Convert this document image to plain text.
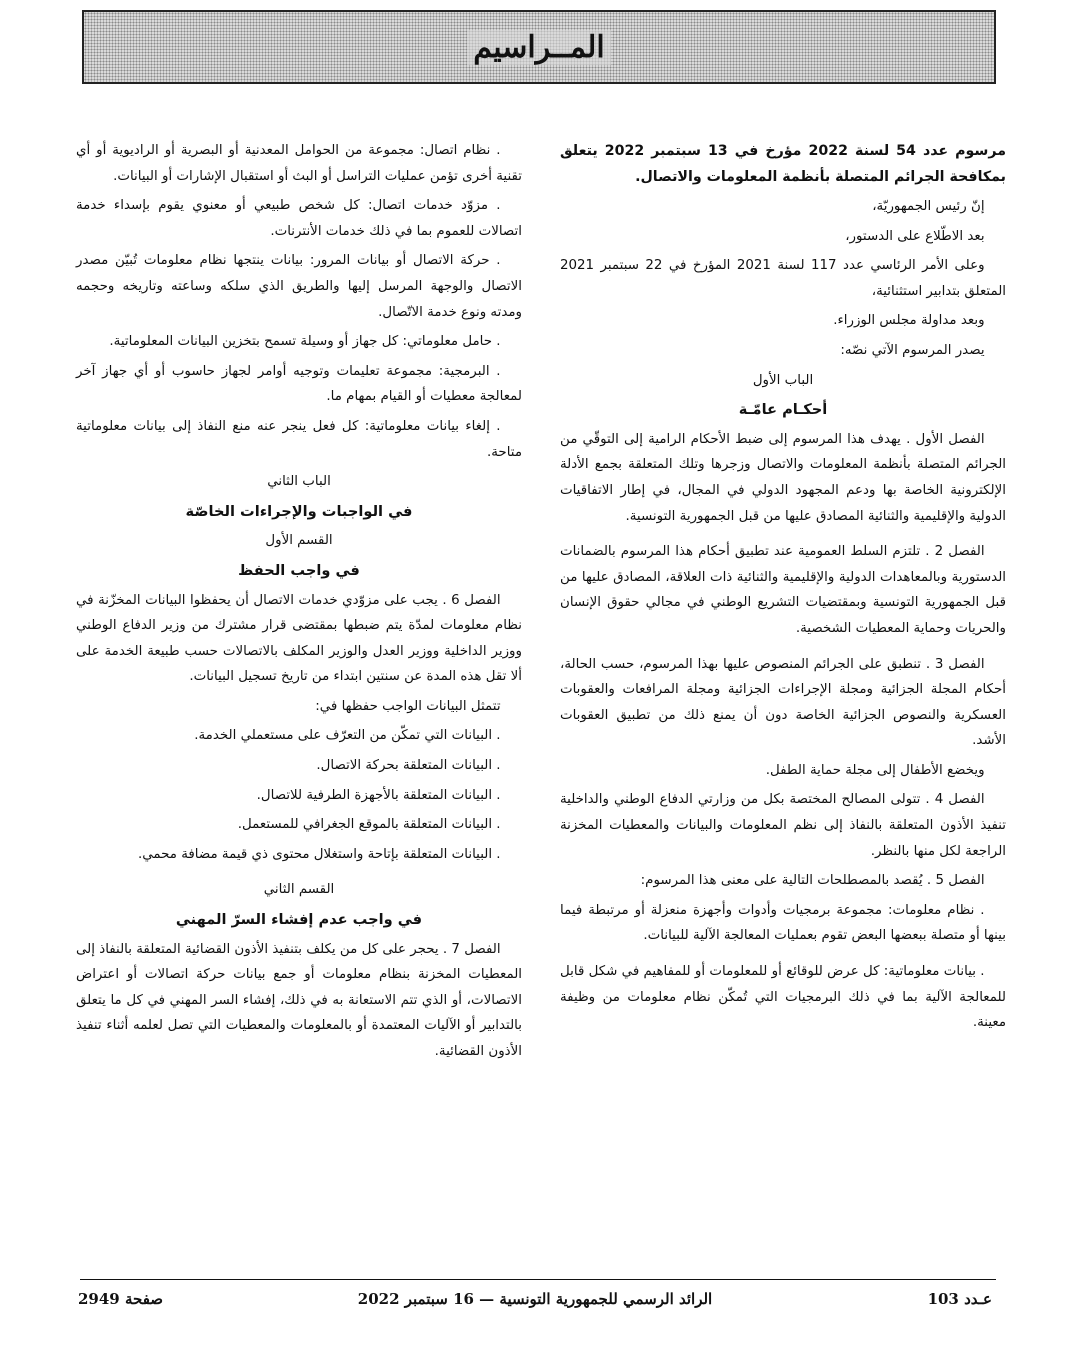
المــراسيم

مرسوم عدد 54 لسنة 2022 مؤرخ في 13 سبتمبر 2022 يتعلق بمكافحة الجرائم المتصلة بأنظمة المعلومات والاتصال.

إنّ رئيس الجمهوريّة،

بعد الاطّلاع على الدستور،

وعلى الأمر الرئاسي عدد 117 لسنة 2021 المؤرخ في 22 سبتمبر 2021 المتعلق بتدابير استثنائية،

وبعد مداولة مجلس الوزراء.

يصدر المرسوم الآتي نصّه:

الباب الأول

أحكـام عامّـة

الفصل الأول . يهدف هذا المرسوم إلى ضبط الأحكام الرامية إلى التوقّي من الجرائم المتصلة بأنظمة المعلومات والاتصال وزجرها وتلك المتعلقة بجمع الأدلة الإلكترونية الخاصة بها ودعم المجهود الدولي في المجال، في إطار الاتفاقيات الدولية والإقليمية والثنائية المصادق عليها من قبل الجمهورية التونسية.

الفصل 2 . تلتزم السلط العمومية عند تطبيق أحكام هذا المرسوم بالضمانات الدستورية وبالمعاهدات الدولية والإقليمية والثنائية ذات العلاقة، المصادق عليها من قبل الجمهورية التونسية وبمقتضيات التشريع الوطني في مجالي حقوق الإنسان والحريات وحماية المعطيات الشخصية.

الفصل 3 . تنطبق على الجرائم المنصوص عليها بهذا المرسوم، حسب الحالة، أحكام المجلة الجزائية ومجلة الإجراءات الجزائية ومجلة المرافعات والعقوبات العسكرية والنصوص الجزائية الخاصة دون أن يمنع ذلك من تطبيق العقوبات الأشد.

ويخضع الأطفال إلى مجلة حماية الطفل.

الفصل 4 . تتولى المصالح المختصة بكل من وزارتي الدفاع الوطني والداخلية تنفيذ الأذون المتعلقة بالنفاذ إلى نظم المعلومات والبيانات والمعطيات المخزنة الراجعة لكل منها بالنظر.

الفصل 5 . يُقصد بالمصطلحات التالية على معنى هذا المرسوم:

. نظام معلومات: مجموعة برمجيات وأدوات وأجهزة منعزلة أو مرتبطة فيما بينها أو متصلة ببعضها البعض تقوم بعمليات المعالجة الآلية للبيانات.

. بيانات معلوماتية: كل عرض للوقائع أو للمعلومات أو للمفاهيم في شكل قابل للمعالجة الآلية بما في ذلك البرمجيات التي تُمكّن نظام معلومات من وظيفة معينة.

. نظام اتصال: مجموعة من الحوامل المعدنية أو البصرية أو الراديوية أو أي تقنية أخرى تؤمن عمليات التراسل أو البث أو استقبال الإشارات أو البيانات.

. مزوّد خدمات اتصال: كل شخص طبيعي أو معنوي يقوم بإسداء خدمة اتصالات للعموم بما في ذلك خدمات الأنترنات.

. حركة الاتصال أو بيانات المرور: بيانات ينتجها نظام معلومات تُبيّن مصدر الاتصال والوجهة المرسل إليها والطريق الذي سلكه وساعته وتاريخه وحجمه ومدته ونوع خدمة الاتّصال.

. حامل معلوماتي: كل جهاز أو وسيلة تسمح بتخزين البيانات المعلوماتية.

. البرمجية: مجموعة تعليمات وتوجيه أوامر لجهاز حاسوب أو أي جهاز آخر لمعالجة معطيات أو القيام بمهام ما.

. إلغاء بيانات معلوماتية: كل فعل ينجر عنه منع النفاذ إلى بيانات معلوماتية متاحة.

الباب الثاني

في الواجبات والإجراءات الخاصّة

القسم الأول

في واجب الحفظ

الفصل 6 . يجب على مزوّدي خدمات الاتصال أن يحفظوا البيانات المخزّنة في نظام معلومات لمدّة يتم ضبطها بمقتضى قرار مشترك من وزير الدفاع الوطني ووزير الداخلية ووزير العدل والوزير المكلف بالاتصالات حسب طبيعة الخدمة على ألا تقل هذه المدة عن سنتين ابتداء من تاريخ تسجيل البيانات.

تتمثل البيانات الواجب حفظها في:

. البيانات التي تمكّن من التعرّف على مستعملي الخدمة.

. البيانات المتعلقة بحركة الاتصال.

. البيانات المتعلقة بالأجهزة الطرفية للاتصال.

. البيانات المتعلقة بالموقع الجغرافي للمستعمل.

. البيانات المتعلقة بإتاحة واستغلال محتوى ذي قيمة مضافة محمي.

القسم الثاني

في واجب عدم إفشاء السرّ المهني

الفصل 7 . يحجر على كل من يكلف بتنفيذ الأذون القضائية المتعلقة بالنفاذ إلى المعطيات المخزنة بنظام معلومات أو جمع بيانات حركة اتصالات أو اعتراض الاتصالات، أو الذي تتم الاستعانة به في ذلك، إفشاء السر المهني في كل ما يتعلق بالتدابير أو الآليات المعتمدة أو بالمعلومات والمعطيات التي تصل لعلمه أثناء تنفيذ الأذون القضائية.

عـدد 103
الرائد الرسمي للجمهورية التونسية — 16 سبتمبر 2022
صفحة 2949
